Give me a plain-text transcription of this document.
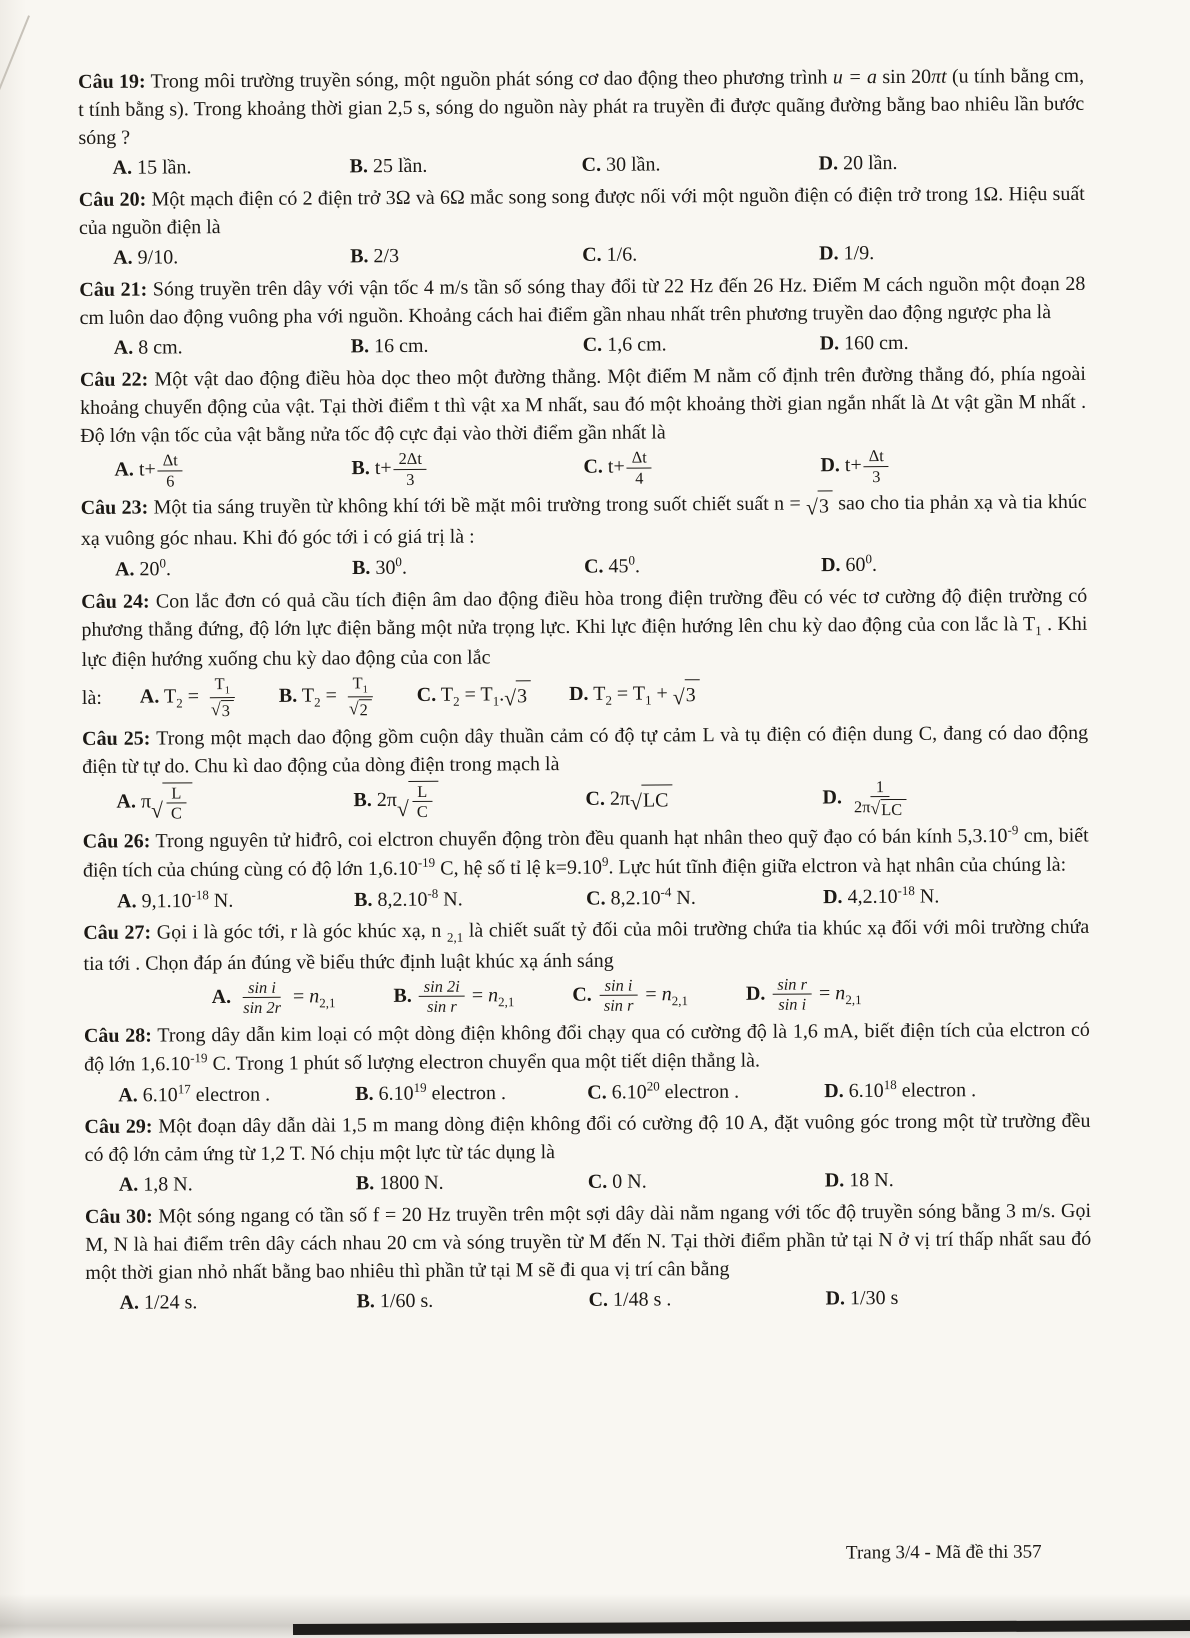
Câu 19: Trong môi trường truyền sóng, một nguồn phát sóng cơ dao động theo phương trình u = a sin 20πt (u tính bằng cm, t tính bằng s). Trong khoảng thời gian 2,5 s, sóng do nguồn này phát ra truyền đi được quãng đường bằng bao nhiêu lần bước sóng ?
A. 15 lần.	B. 25 lần.	C. 30 lần.	D. 20 lần.
Câu 20: Một mạch điện có 2 điện trở 3Ω và 6Ω mắc song song được nối với một nguồn điện có điện trở trong 1Ω. Hiệu suất của nguồn điện là
A. 9/10.	B. 2/3	C. 1/6.	D. 1/9.
Câu 21: Sóng truyền trên dây với vận tốc 4 m/s tần số sóng thay đổi từ 22 Hz đến 26 Hz. Điểm M cách nguồn một đoạn 28 cm luôn dao động vuông pha với nguồn. Khoảng cách hai điểm gần nhau nhất trên phương truyền dao động ngược pha là
A. 8 cm.	B. 16 cm.	C. 1,6 cm.	D. 160 cm.
Câu 22: Một vật dao động điều hòa dọc theo một đường thẳng. Một điểm M nằm cố định trên đường thẳng đó, phía ngoài khoảng chuyển động của vật. Tại thời điểm t thì vật xa M nhất, sau đó một khoảng thời gian ngắn nhất là Δt vật gần M nhất . Độ lớn vận tốc của vật bằng nửa tốc độ cực đại vào thời điểm gần nhất là
A. $t+ \frac{\Delta t}{6}$	B. $t+ \frac{2\Delta t}{3}$	C. $t+ \frac{\Delta t}{4}$	D. $t+ \frac{\Delta t}{3}$
Câu 23: Một tia sáng truyền từ không khí tới bề mặt môi trường trong suốt chiết suất n = √ 3 sao cho tia phản xạ và tia khúc xạ vuông góc nhau. Khi đó góc tới i có giá trị là :
A. $20^0$.	B. $30^0$.	C. $45^0$.	D. $60^0$.
Câu 24: Con lắc đơn có quả cầu tích điện âm dao động điều hòa trong điện trường đều có véc tơ cường độ điện trường có phương thẳng đứng, độ lớn lực điện bằng một nửa trọng lực. Khi lực điện hướng lên chu kỳ dao động của con lắc là $T_1$ . Khi lực điện hướng xuống chu kỳ dao động của con lắc
là: A. $T_2 = \frac{T_1}{√ 3} B$. $T_2 = \frac{T_1}{√ 2} C$. $T_2 = T_1$. √ 3 D. $T_2 = T_1$ + √ 3
Câu 25: Trong một mạch dao động gồm cuộn dây thuần cảm có độ tự cảm L và tụ điện có điện dung C, đang có dao động điện từ tự do. Chu kì dao động của dòng điện trong mạch là
A. π √ $\frac{L}{C}$	B. 2π √ $\frac{L}{C}$	C. 2π √ LC	D. $\frac{1}{2\pi √ LC}$
Câu 26: Trong nguyên tử hiđrô, coi elctron chuyển động tròn đều quanh hạt nhân theo quỹ đạo có bán kính $5,3.10^{-9}$ cm, biết điện tích của chúng cùng có độ lớn $1,6.10^{-19}$ C, hệ số tỉ lệ $k=9.10^9$. Lực hút tĩnh điện giữa elctron và hạt nhân của chúng là:
A. $9,1.10^{-18}$ N.	B. $8,2.10^{-8}$ N.	C. $8,2.10^{-4}$ N.	D. $4,2.10^{-18}$ N.
Câu 27: Gọi i là góc tới, r là góc khúc xạ, n $_{2,1}$ là chiết suất tỷ đối của môi trường chứa tia khúc xạ đối với môi trường chứa tia tới . Chọn đáp án đúng về biểu thức định luật khúc xạ ánh sáng
A. $\frac{\text{sin i}}{\sin 2r} = n_{2,1}$	B. $\frac{\sin 2i}{\text{sin r}} = n_{2,1}$	C. $\frac{\text{sin i}}{\text{sin r}} = n_{2,1}$	D. $\frac{\text{sin r}}{\text{sin i}} = n_{2,1}$
Câu 28: Trong dây dẫn kim loại có một dòng điện không đổi chạy qua có cường độ là 1,6 mA, biết điện tích của elctron có độ lớn $1,6.10^{-19}$ C. Trong 1 phút số lượng electron chuyển qua một tiết diện thẳng là.
A. 6.10$^{17}$ electron .	B. 6.10$^{19}$ electron .	C. 6.10$^{20}$ electron .	D. 6.10$^{18}$ electron .
Câu 29: Một đoạn dây dẫn dài 1,5 m mang dòng điện không đổi có cường độ 10 A, đặt vuông góc trong một từ trường đều có độ lớn cảm ứng từ 1,2 T. Nó chịu một lực từ tác dụng là
A. 1,8 N.	B. 1800 N.	C. 0 N.	D. 18 N.
Câu 30: Một sóng ngang có tần số f = 20 Hz truyền trên một sợi dây dài nằm ngang với tốc độ truyền sóng bằng 3 m/s. Gọi M, N là hai điểm trên dây cách nhau 20 cm và sóng truyền từ M đến N. Tại thời điểm phần tử tại N ở vị trí thấp nhất sau đó một thời gian nhỏ nhất bằng bao nhiêu thì phần tử tại M sẽ đi qua vị trí cân bằng
A. 1/24 s.	B. 1/60 s.	C. 1/48 s .	D. 1/30 s
Trang 3/4 - Mã đề thi 357
